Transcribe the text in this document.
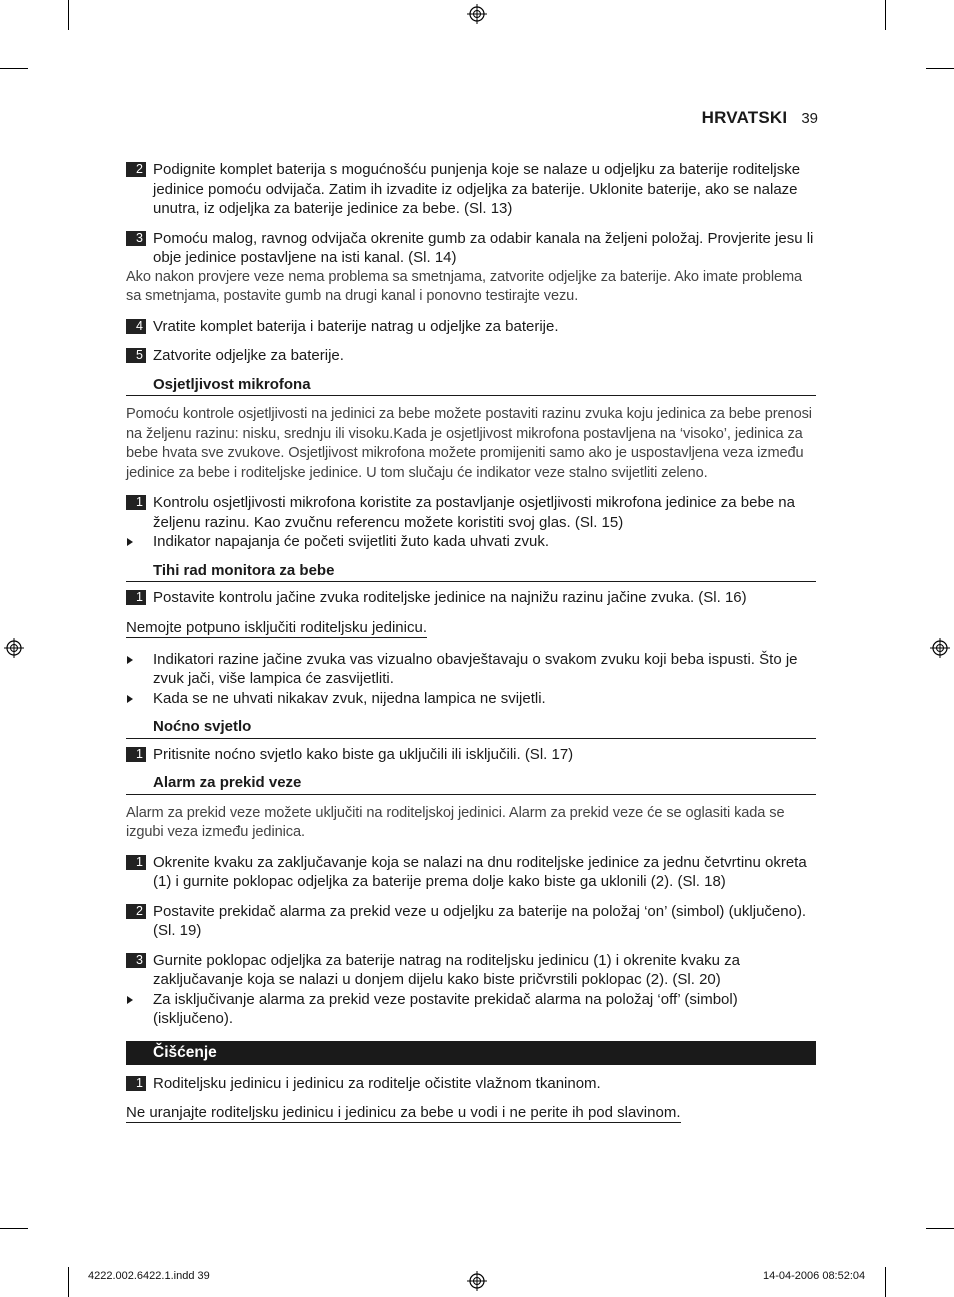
HRVATSKI 39
2 Podignite komplet baterija s mogućnošću punjenja koje se nalaze u odjeljku za baterije roditeljske jedinice pomoću odvijača. Zatim ih izvadite iz odjeljka za baterije. Uklonite baterije, ako se nalaze unutra, iz odjeljka za baterije jedinice za bebe. (Sl. 13)
3 Pomoću malog, ravnog odvijača okrenite gumb za odabir kanala na željeni položaj. Provjerite jesu li obje jedinice postavljene na isti kanal. (Sl. 14)

Ako nakon provjere veze nema problema sa smetnjama, zatvorite odjeljke za baterije. Ako imate problema sa smetnjama, postavite gumb na drugi kanal i ponovno testirajte vezu.

4 Vratite komplet baterija i baterije natrag u odjeljke za baterije.
5 Zatvorite odjeljke za baterije.

Osjetljivost mikrofona

Pomoću kontrole osjetljivosti na jedinici za bebe možete postaviti razinu zvuka koju jedinica za bebe prenosi na željenu razinu: nisku, srednju ili visoku.Kada je osjetljivost mikrofona postavljena na ‘visoko’, jedinica za bebe hvata sve zvukove. Osjetljivost mikrofona možete promijeniti samo ako je uspostavljena veza između jedinice za bebe i roditeljske jedinice. U tom slučaju će indikator veze stalno svijetliti zeleno.

1 Kontrolu osjetljivosti mikrofona koristite za postavljanje osjetljivosti mikrofona jedinice za bebe na željenu razinu. Kao zvučnu referencu možete koristiti svoj glas. (Sl. 15)
Indikator napajanja će početi svijetliti žuto kada uhvati zvuk.

Tihi rad monitora za bebe

1 Postavite kontrolu jačine zvuka roditeljske jedinice na najnižu razinu jačine zvuka. (Sl. 16)

Nemojte potpuno isključiti roditeljsku jedinicu.

Indikatori razine jačine zvuka vas vizualno obavještavaju o svakom zvuku koji beba ispusti. Što je zvuk jači, više lampica će zasvijetliti.
Kada se ne uhvati nikakav zvuk, nijedna lampica ne svijetli.

Noćno svjetlo

1 Pritisnite noćno svjetlo kako biste ga uključili ili isključili. (Sl. 17)

Alarm za prekid veze

Alarm za prekid veze možete uključiti na roditeljskoj jedinici. Alarm za prekid veze će se oglasiti kada se izgubi veza između jedinica.

1 Okrenite kvaku za zaključavanje koja se nalazi na dnu roditeljske jedinice za jednu četvrtinu okreta (1) i gurnite poklopac odjeljka za baterije prema dolje kako biste ga uklonili (2). (Sl. 18)
2 Postavite prekidač alarma za prekid veze u odjeljku za baterije na položaj ‘on’ (simbol) (uključeno). (Sl. 19)
3 Gurnite poklopac odjeljka za baterije natrag na roditeljsku jedinicu (1) i okrenite kvaku za zaključavanje koja se nalazi u donjem dijelu kako biste pričvrstili poklopac (2). (Sl. 20)
Za isključivanje alarma za prekid veze postavite prekidač alarma na položaj ‘off’ (simbol) (isključeno).

Čišćenje

1 Roditeljsku jedinicu i jedinicu za roditelje očistite vlažnom tkaninom.

Ne uranjajte roditeljsku jedinicu i jedinicu za bebe u vodi i ne perite ih pod slavinom.

4222.002.6422.1.indd 39	14-04-2006 08:52:04
